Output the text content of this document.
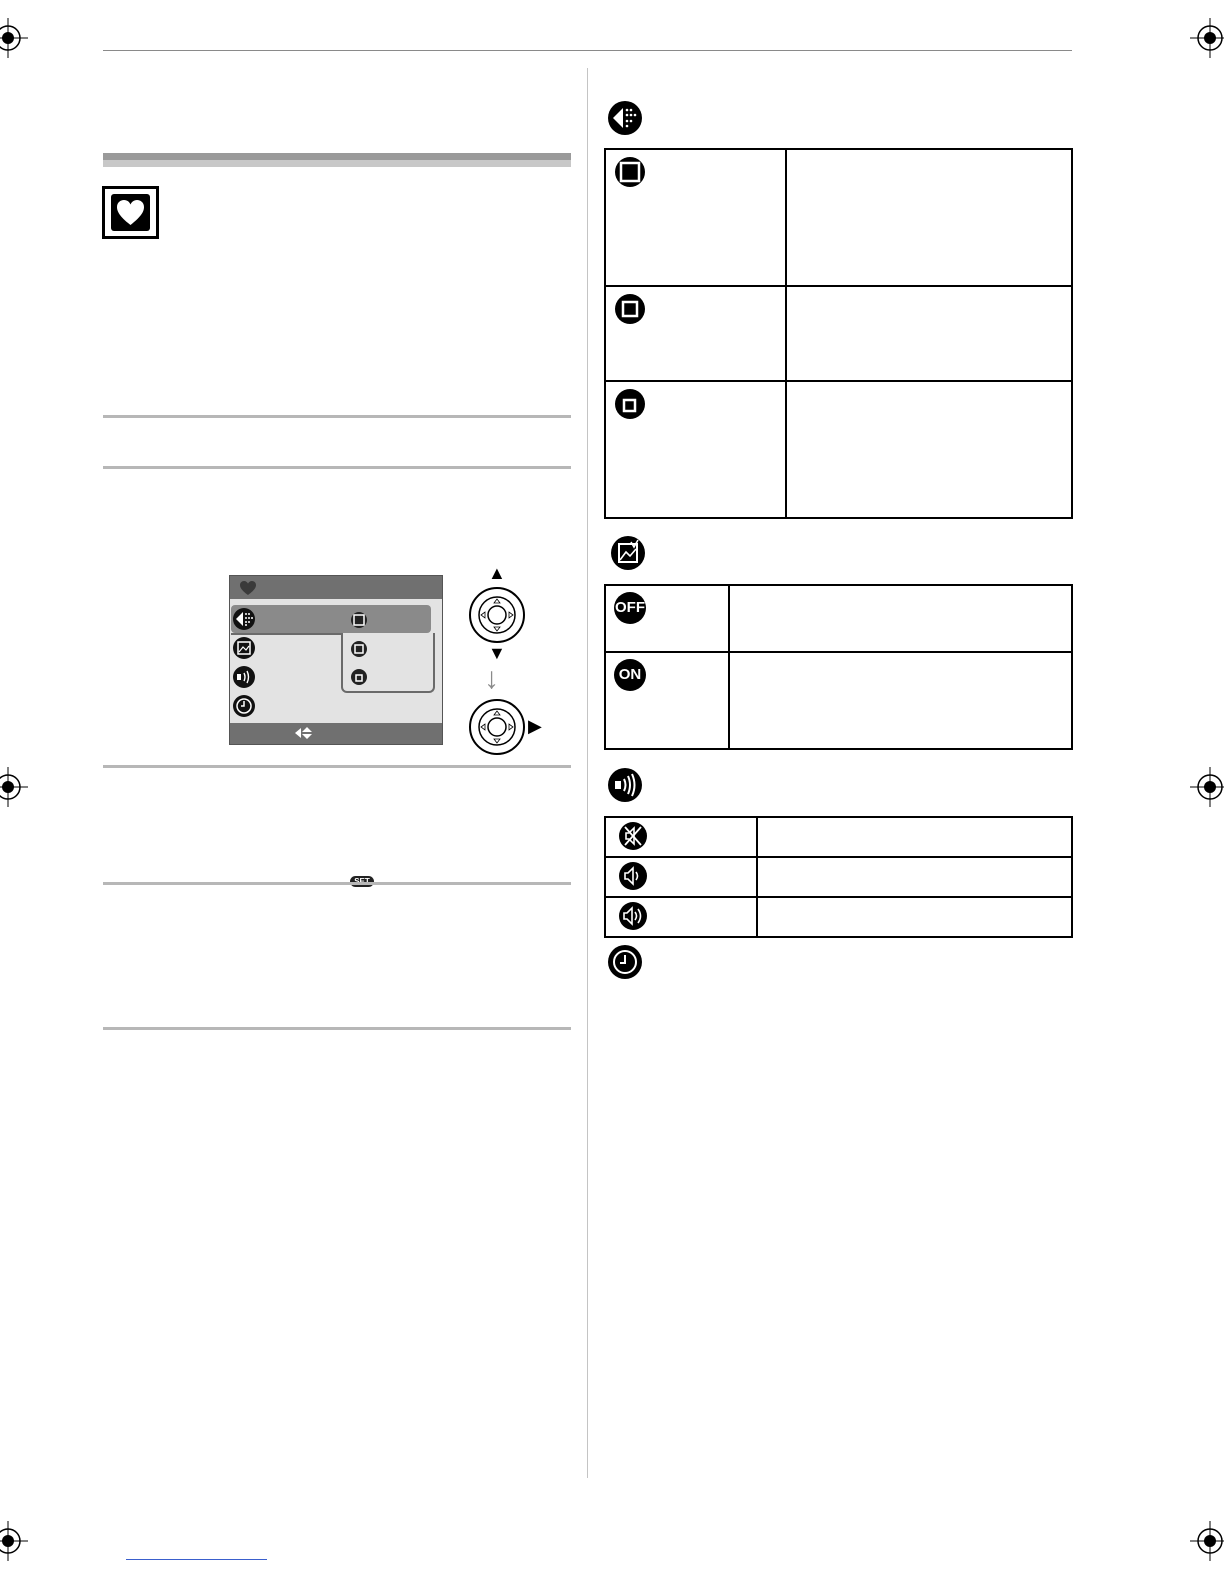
SET
▲
▼
↓
▶

OFF	
ON	
